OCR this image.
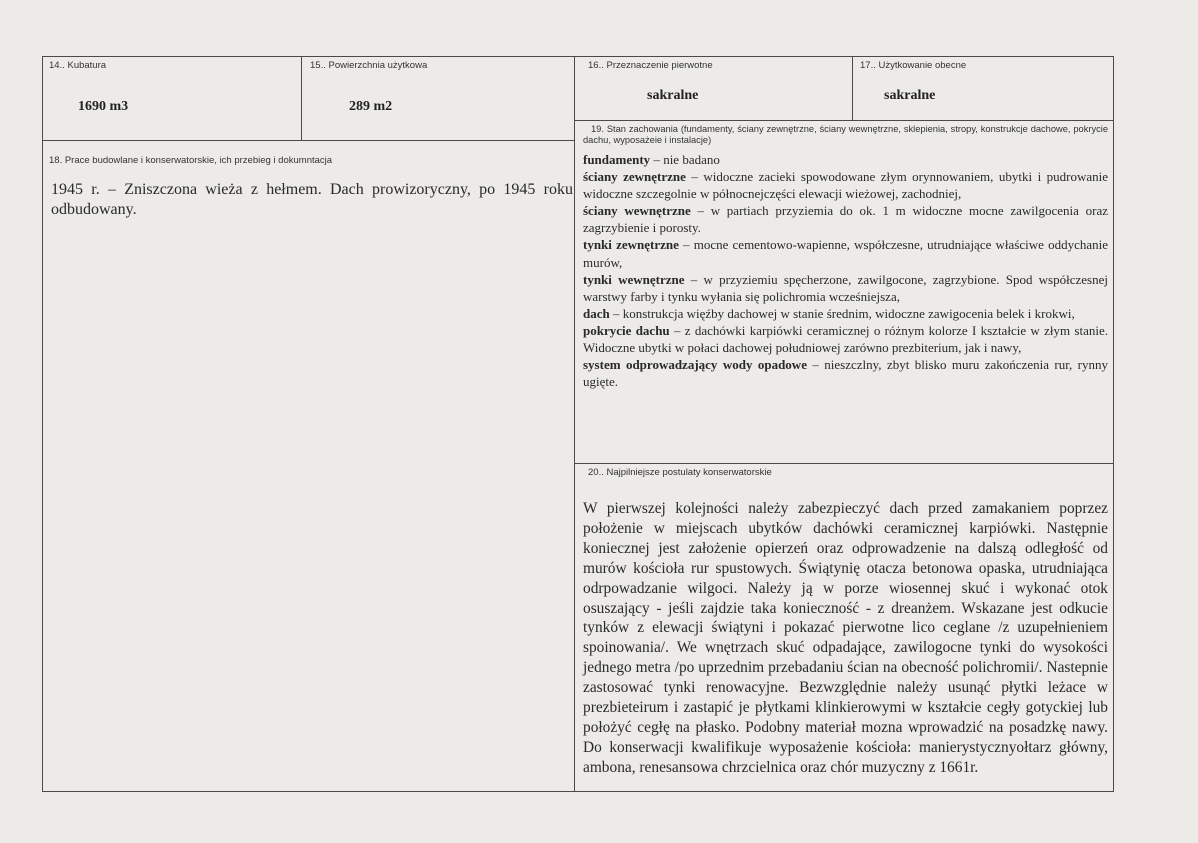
14.. Kubatura
1690 m3
15.. Powierzchnia użytkowa
289 m2
16.. Przeznaczenie pierwotne
sakralne
17.. Użytkowanie obecne
sakralne
18. Prace budowlane i konserwatorskie, ich przebieg i dokumntacja
1945 r. – Zniszczona wieża z hełmem. Dach prowizoryczny, po 1945 roku odbudowany.
19. Stan zachowania (fundamenty, ściany zewnętrzne, ściany wewnętrzne, sklepienia, stropy, konstrukcje dachowe, pokrycie dachu, wyposażeie i instalacje)
fundamenty – nie badano
ściany zewnętrzne – widoczne zacieki spowodowane złym orynnowaniem, ubytki i pudrowanie widoczne szczegolnie w północnejczęści elewacji wieżowej, zachodniej,
ściany wewnętrzne – w partiach przyziemia do ok. 1 m widoczne mocne zawilgocenia oraz zagrzybienie i porosty.
tynki zewnętrzne – mocne cementowo-wapienne, współczesne, utrudniające właściwe oddychanie murów,
tynki wewnętrzne – w przyziemiu spęcherzone, zawilgocone, zagrzybione. Spod współczesnej warstwy farby i tynku wyłania się polichromia wcześniejsza,
dach – konstrukcja więźby dachowej w stanie średnim, widoczne zawigocenia belek i krokwi,
pokrycie dachu – z dachówki karpiówki ceramicznej o różnym kolorze I kształcie w złym stanie. Widoczne ubytki w połaci dachowej południowej zarówno prezbiterium, jak i nawy,
system odprowadzający wody opadowe – nieszczlny, zbyt blisko muru zakończenia rur, rynny ugięte.
20.. Najpilniejsze postulaty konserwatorskie
W pierwszej kolejności należy zabezpieczyć dach przed zamakaniem poprzez położenie w miejscach ubytków dachówki ceramicznej karpiówki. Następnie koniecznej jest założenie opierzeń oraz odprowadzenie na dalszą odległość od murów kościoła rur spustowych. Świątynię otacza betonowa opaska, utrudniająca odrpowadzanie wilgoci. Należy ją w porze wiosennej skuć i wykonać otok osuszający - jeśli zajdzie taka konieczność - z dreanżem. Wskazane jest odkucie tynków z elewacji świątyni i pokazać pierwotne lico ceglane /z uzupełnieniem spoinowania/. We wnętrzach skuć odpadające, zawilogocne tynki do wysokości jednego metra /po uprzednim przebadaniu ścian na obecność polichromii/. Nastepnie zastosować tynki renowacyjne. Bezwzględnie należy usunąć płytki leżace w prezbieteirum i zastapić je płytkami klinkierowymi w kształcie cegły gotyckiej lub położyć cegłę na płasko. Podobny materiał mozna wprowadzić na posadzkę nawy. Do konserwacji kwalifikuje wyposażenie kościoła: manierystycznyołtarz główny, ambona, renesansowa chrzcielnica oraz chór muzyczny z 1661r.
